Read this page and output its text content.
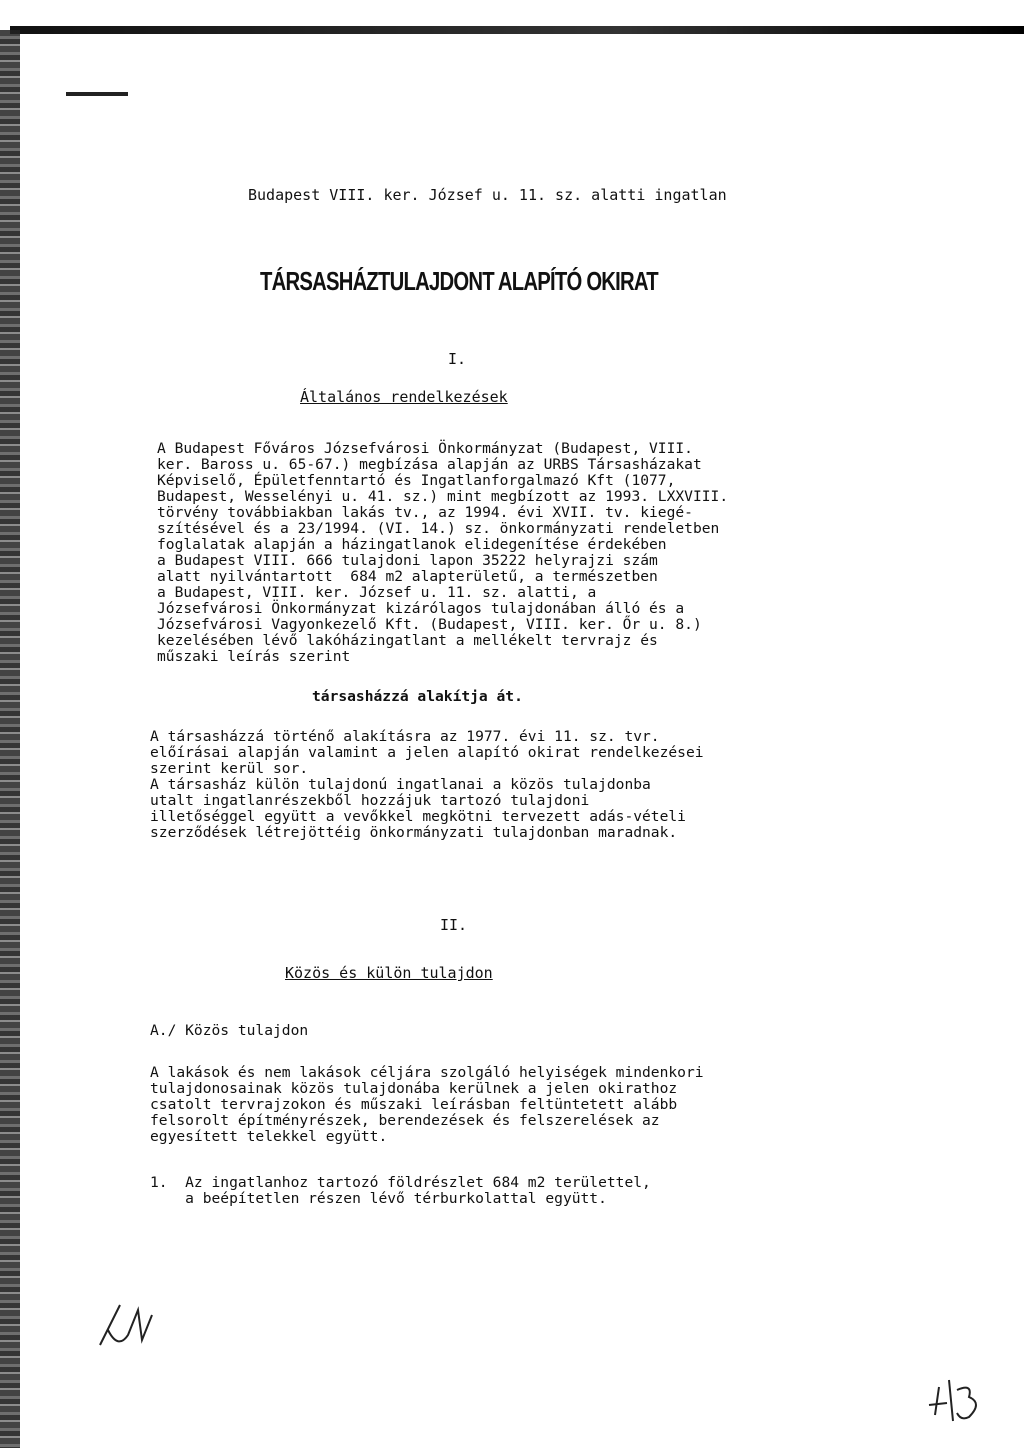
Budapest VIII. ker. József u. 11. sz. alatti ingatlan
TÁRSASHÁZTULAJDONT ALAPÍTÓ OKIRAT
I.
Általános rendelkezések
A Budapest Főváros Józsefvárosi Önkormányzat (Budapest, VIII.
ker. Baross u. 65-67.) megbízása alapján az URBS Társasházakat
Képviselő, Épületfenntartó és Ingatlanforgalmazó Kft (1077,
Budapest, Wesselényi u. 41. sz.) mint megbízott az 1993. LXXVIII.
törvény továbbiakban lakás tv., az 1994. évi XVII. tv. kiegé-
szítésével és a 23/1994. (VI. 14.) sz. önkormányzati rendeletben
foglalatak alapján a házingatlanok elidegenítése érdekében
a Budapest VIII. 666 tulajdoni lapon 35222 helyrajzi szám
alatt nyilvántartott  684 m2 alapterületű, a természetben
a Budapest, VIII. ker. József u. 11. sz. alatti, a
Józsefvárosi Önkormányzat kizárólagos tulajdonában álló és a
Józsefvárosi Vagyonkezelő Kft. (Budapest, VIII. ker. Őr u. 8.)
kezelésében lévő lakóházingatlant a mellékelt tervrajz és
műszaki leírás szerint
társasházzá alakítja át.
A társasházzá történő alakításra az 1977. évi 11. sz. tvr.
előírásai alapján valamint a jelen alapító okirat rendelkezései
szerint kerül sor.
A társasház külön tulajdonú ingatlanai a közös tulajdonba
utalt ingatlanrészekből hozzájuk tartozó tulajdoni
illetőséggel együtt a vevőkkel megkötni tervezett adás-vételi
szerződések létrejöttéig önkormányzati tulajdonban maradnak.
II.
Közös és külön tulajdon
A./ Közös tulajdon
A lakások és nem lakások céljára szolgáló helyiségek mindenkori
tulajdonosainak közös tulajdonába kerülnek a jelen okirathoz
csatolt tervrajzokon és műszaki leírásban feltüntetett alább
felsorolt építményrészek, berendezések és felszerelések az
egyesített telekkel együtt.
1.  Az ingatlanhoz tartozó földrészlet 684 m2 területtel,
a beépítetlen részen lévő térburkolattal együtt.
